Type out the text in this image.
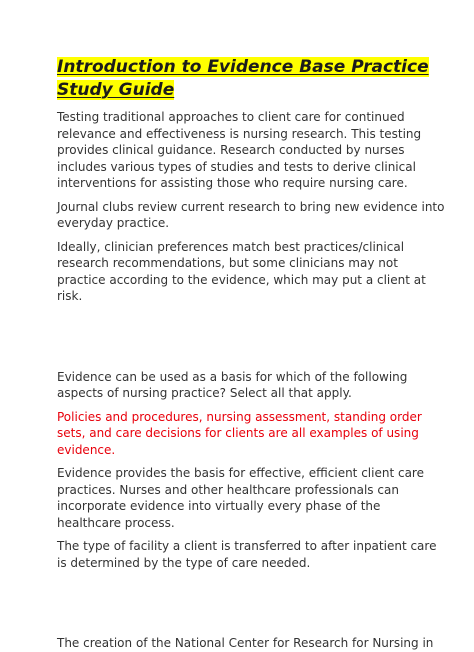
Introduction to Evidence Base Practice Study Guide

Testing traditional approaches to client care for continued relevance and effectiveness is nursing research. This testing provides clinical guidance. Research conducted by nurses includes various types of studies and tests to derive clinical interventions for assisting those who require nursing care.

Journal clubs review current research to bring new evidence into everyday practice.

Ideally, clinician preferences match best practices/clinical research recommendations, but some clinicians may not practice according to the evidence, which may put a client at risk.

Evidence can be used as a basis for which of the following aspects of nursing practice? Select all that apply.

Policies and procedures, nursing assessment, standing order sets, and care decisions for clients are all examples of using evidence.

Evidence provides the basis for effective, efficient client care practices. Nurses and other healthcare professionals can incorporate evidence into virtually every phase of the healthcare process.

The type of facility a client is transferred to after inpatient care is determined by the type of care needed.

The creation of the National Center for Research for Nursing in
